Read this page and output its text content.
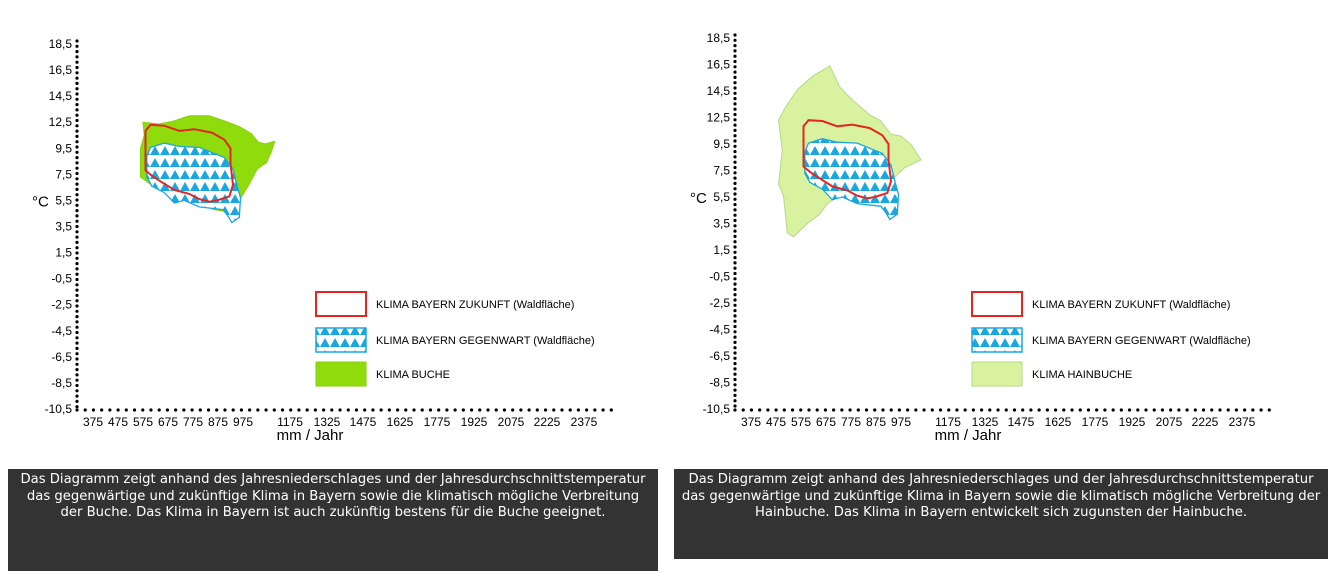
18,5
16,5
14,5
12,5
9,5
7,5
5,5
3,5
1,5
-0,5
-2,5
-4,5
-6,5
-8,5
-10,5
375 475 575 675 775 875 975 1175 1325 1475 1625 1775 1925 2075 2225 2375
°C
mm / Jahr
KLIMA BAYERN ZUKUNFT (Waldfläche)
KLIMA BAYERN GEGENWART (Waldfläche)
KLIMA BUCHE
Das Diagramm zeigt anhand des Jahresniederschlages und der Jahresdurchschnittstemperatur das gegenwärtige und zukünftige Klima in Bayern sowie die klimatisch mögliche Verbreitung der Buche. Das Klima in Bayern ist auch zukünftig bestens für die Buche geeignet.
18,5
16,5
14,5
12,5
9,5
7,5
5,5
3,5
1,5
-0,5
-2,5
-4,5
-6,5
-8,5
-10,5
375 475 575 675 775 875 975 1175 1325 1475 1625 1775 1925 2075 2225 2375
°C
mm / Jahr
KLIMA BAYERN ZUKUNFT (Waldfläche)
KLIMA BAYERN GEGENWART (Waldfläche)
KLIMA HAINBUCHE
Das Diagramm zeigt anhand des Jahresniederschlages und der Jahresdurchschnittstemperatur das gegenwärtige und zukünftige Klima in Bayern sowie die klimatisch mögliche Verbreitung der Hainbuche. Das Klima in Bayern entwickelt sich zugunsten der Hainbuche.
